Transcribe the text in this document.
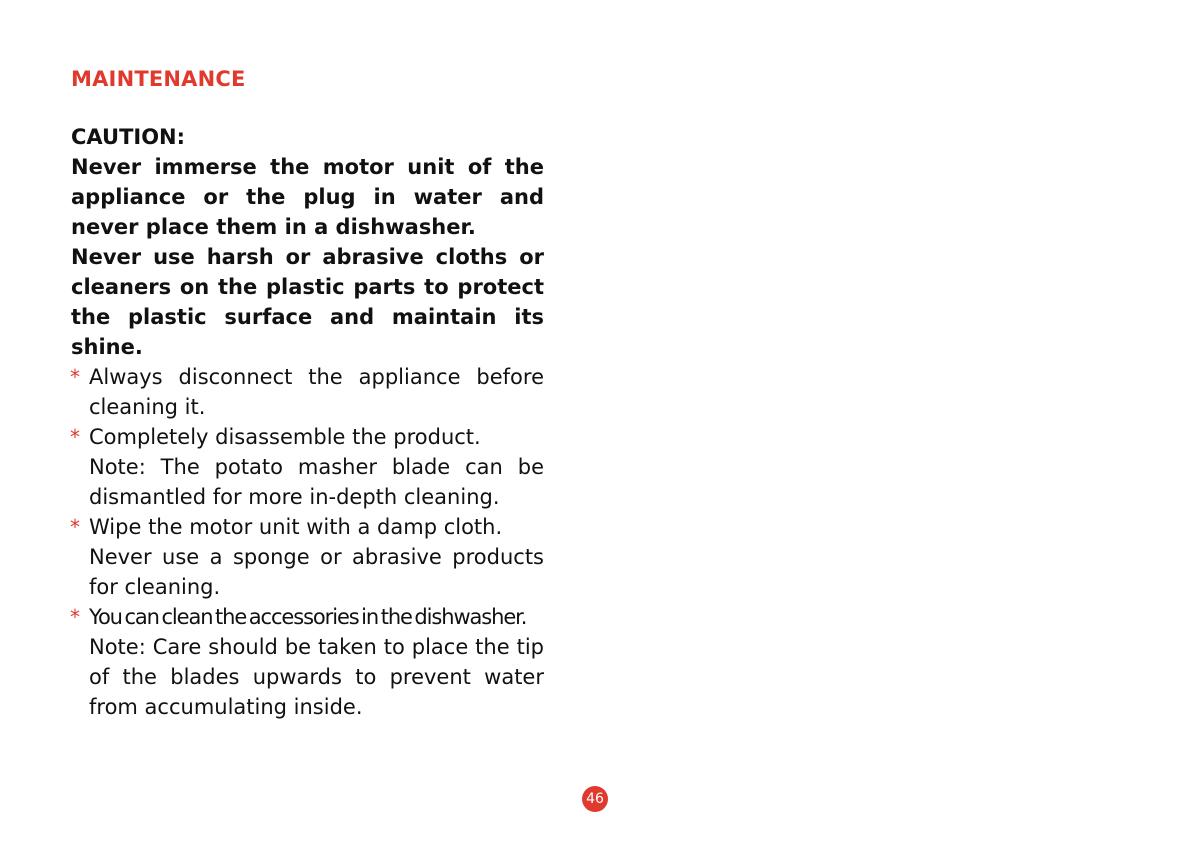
MAINTENANCE

CAUTION:

Never immerse the motor unit of the appliance or the plug in water and never place them in a dishwasher.

Never use harsh or abrasive cloths or cleaners on the plastic parts to protect the plastic surface and maintain its shine.

* Always disconnect the appliance before cleaning it.
* Completely disassemble the product.
Note: The potato masher blade can be dismantled for more in-depth cleaning.
* Wipe the motor unit with a damp cloth.
Never use a sponge or abrasive products for cleaning.
* You can clean the accessories in the dishwasher.
Note: Care should be taken to place the tip of the blades upwards to prevent water from accumulating inside.
46
